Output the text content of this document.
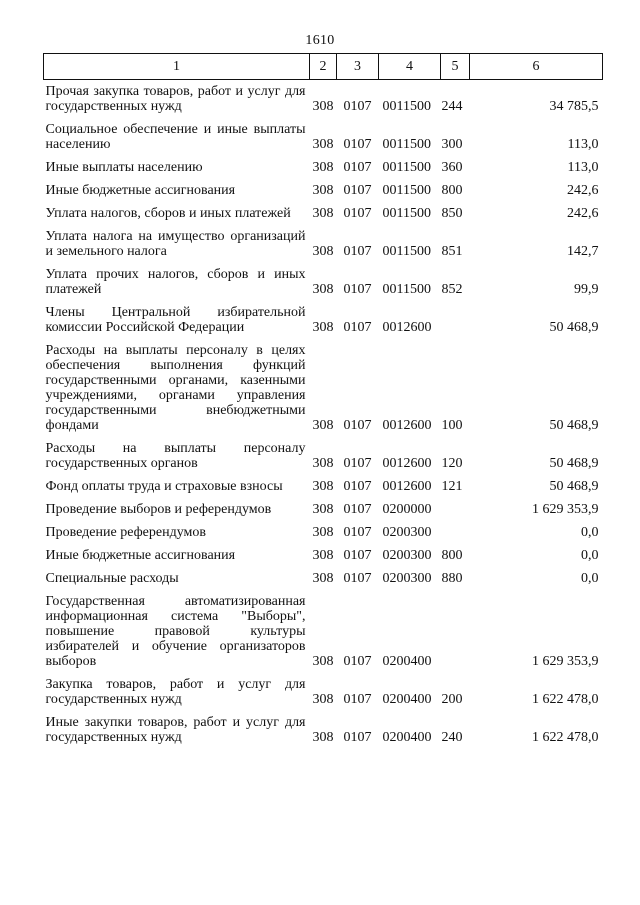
1610
1	2	3	4	5	6
Прочая закупка товаров, работ и услуг для государственных нужд	308	0107	0011500	244	34 785,5
Социальное обеспечение и иные выплаты населению	308	0107	0011500	300	113,0
Иные выплаты населению	308	0107	0011500	360	113,0
Иные бюджетные ассигнования	308	0107	0011500	800	242,6
Уплата налогов, сборов и иных платежей	308	0107	0011500	850	242,6
Уплата налога на имущество организаций и земельного налога	308	0107	0011500	851	142,7
Уплата прочих налогов, сборов и иных платежей	308	0107	0011500	852	99,9
Члены Центральной избирательной комиссии Российской Федерации	308	0107	0012600		50 468,9
Расходы на выплаты персоналу в целях обеспечения выполнения функций государственными органами, казенными учреждениями, органами управления государственными внебюджетными фондами	308	0107	0012600	100	50 468,9
Расходы на выплаты персоналу государственных органов	308	0107	0012600	120	50 468,9
Фонд оплаты труда и страховые взносы	308	0107	0012600	121	50 468,9
Проведение выборов и референдумов	308	0107	0200000		1 629 353,9
Проведение референдумов	308	0107	0200300		0,0
Иные бюджетные ассигнования	308	0107	0200300	800	0,0
Специальные расходы	308	0107	0200300	880	0,0
Государственная автоматизированная информационная система "Выборы", повышение правовой культуры избирателей и обучение организаторов выборов	308	0107	0200400		1 629 353,9
Закупка товаров, работ и услуг для государственных нужд	308	0107	0200400	200	1 622 478,0
Иные закупки товаров, работ и услуг для государственных нужд	308	0107	0200400	240	1 622 478,0
